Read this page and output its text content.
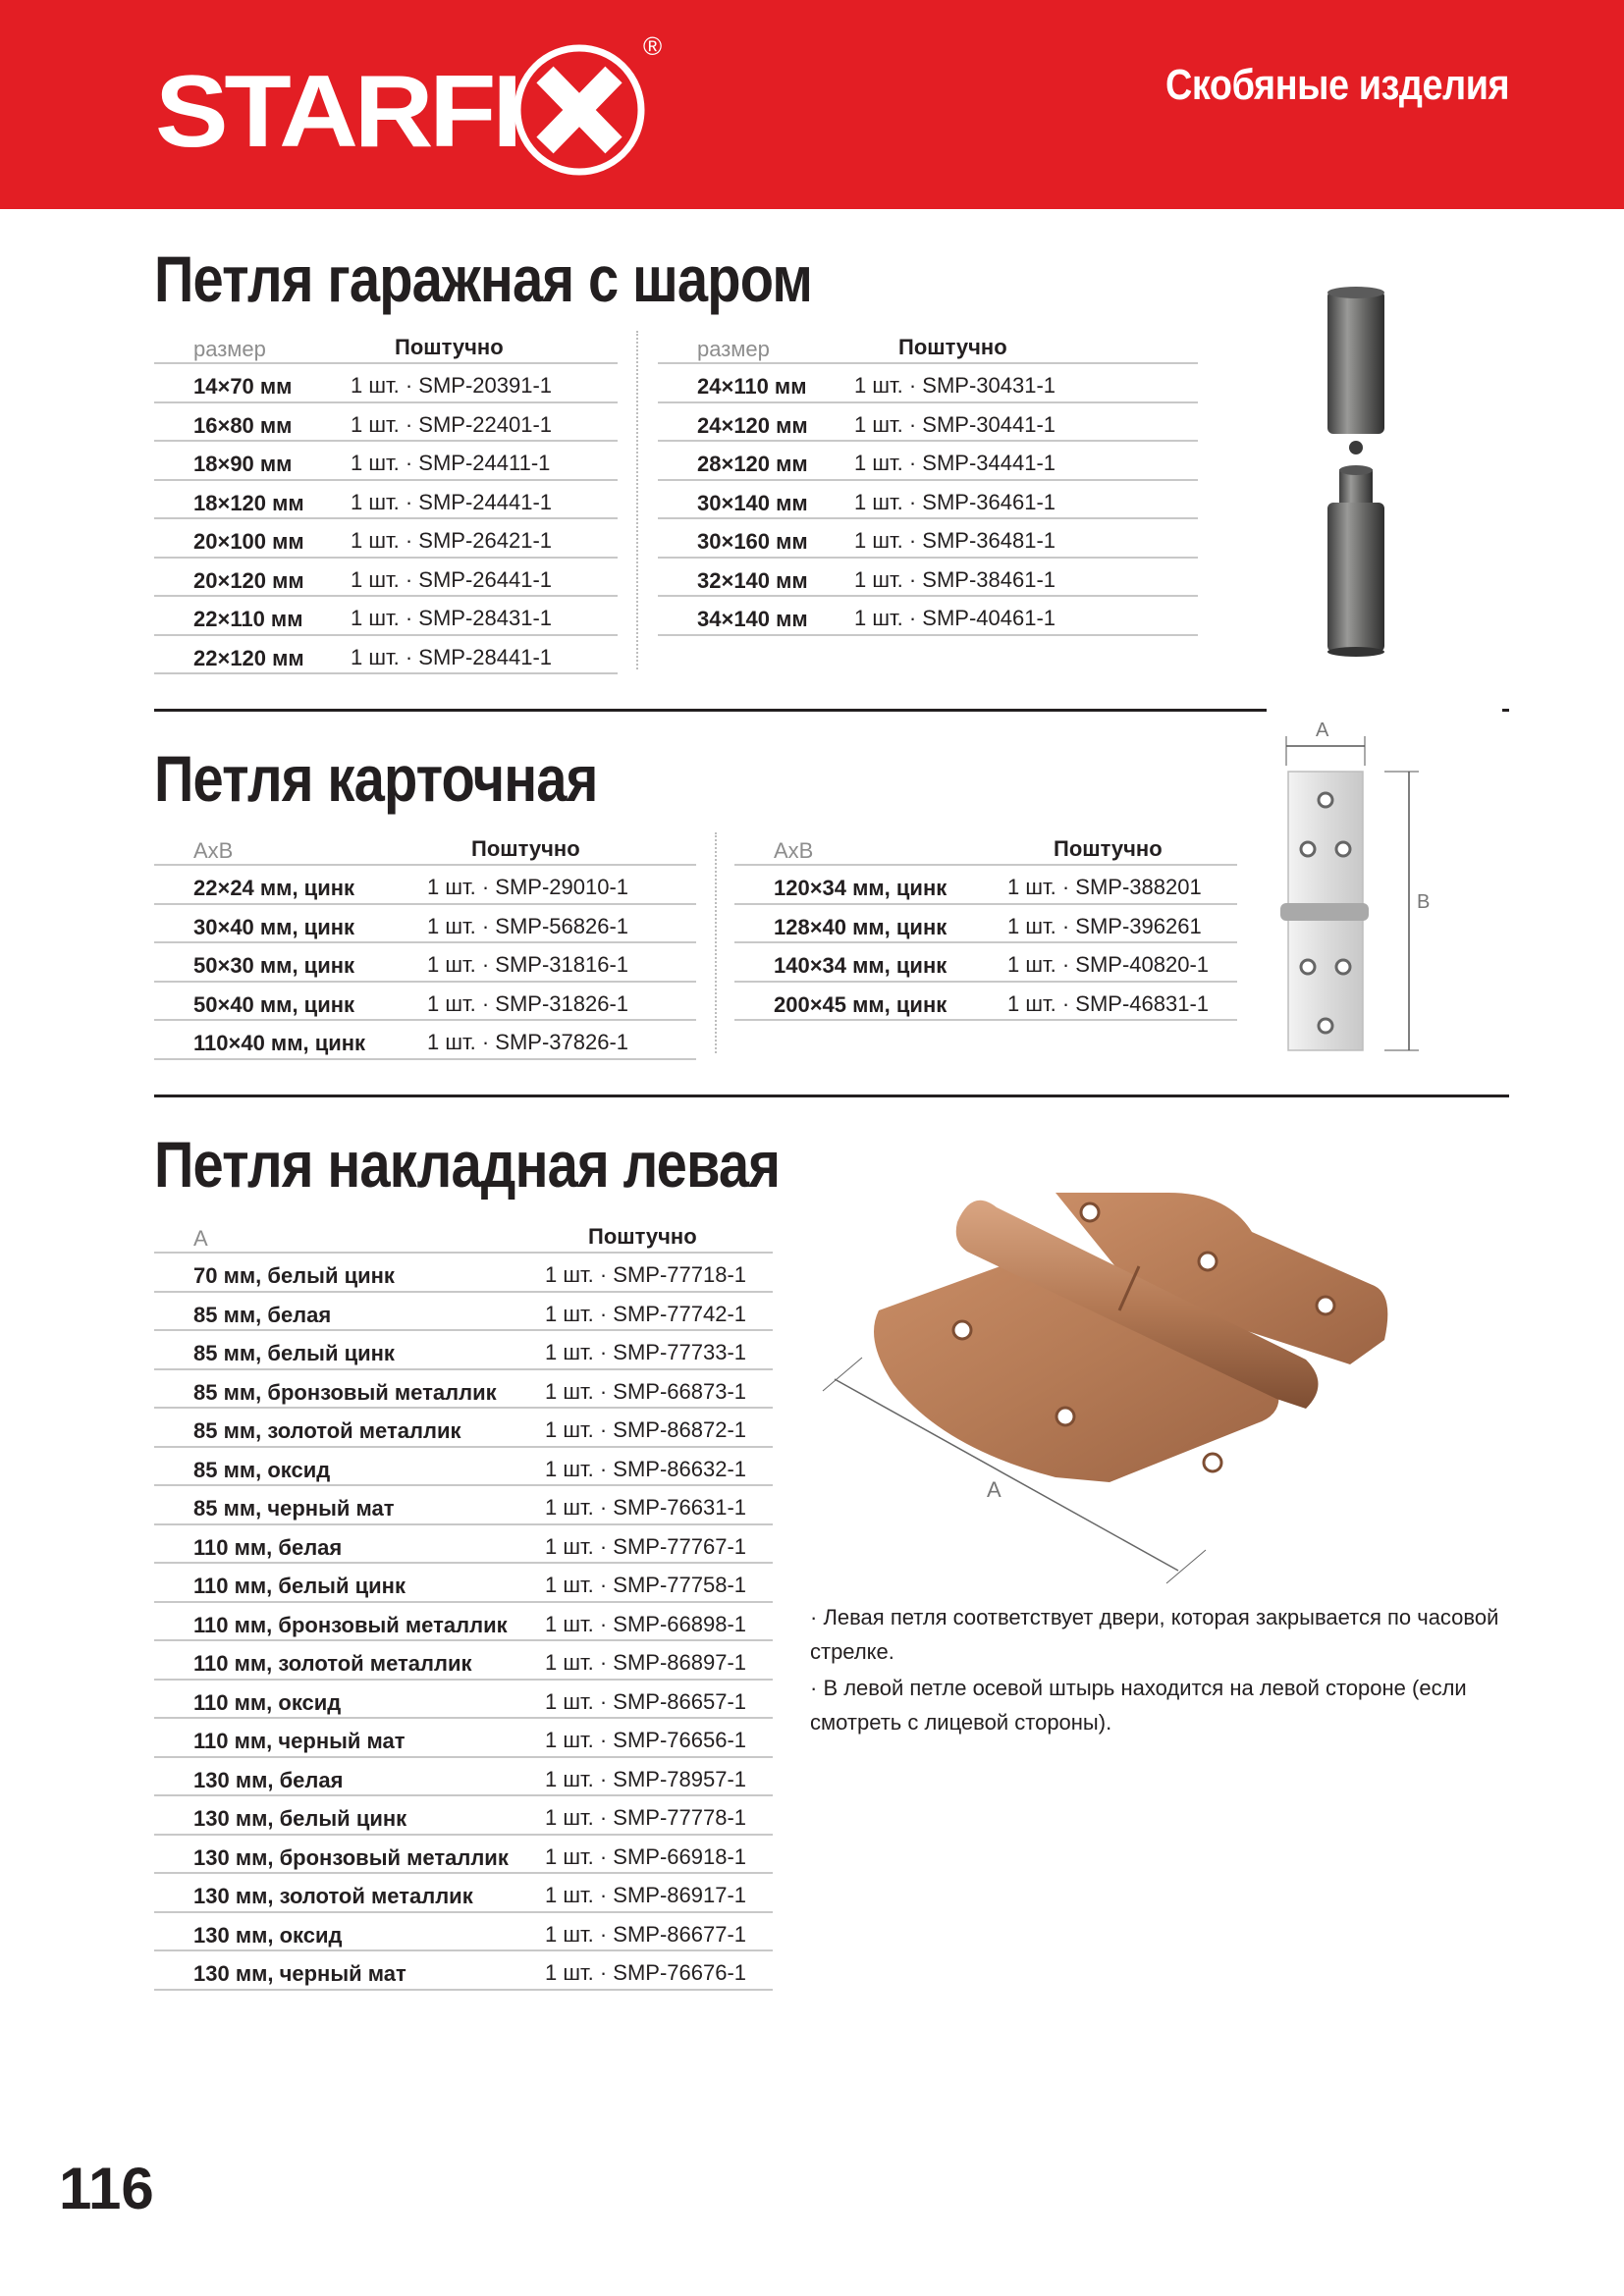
STARFI
®
Скобяные изделия
Петля гаражная с шаром
размер	Поштучно
14×70 мм	1 шт. · SMP-20391-1
16×80 мм	1 шт. · SMP-22401-1
18×90 мм	1 шт. · SMP-24411-1
18×120 мм 1 шт. · SMP-24441-1
20×100 мм 1 шт. · SMP-26421-1
20×120 мм 1 шт. · SMP-26441-1
22×110 мм 1 шт. · SMP-28431-1
22×120 мм 1 шт. · SMP-28441-1
размер	Поштучно
24×110 мм 1 шт. · SMP-30431-1
24×120 мм 1 шт. · SMP-30441-1
28×120 мм 1 шт. · SMP-34441-1
30×140 мм 1 шт. · SMP-36461-1
30×160 мм 1 шт. · SMP-36481-1
32×140 мм 1 шт. · SMP-38461-1
34×140 мм 1 шт. · SMP-40461-1
Петля карточная
AxB	Поштучно
22×24 мм, цинк	1 шт. · SMP-29010-1
30×40 мм, цинк	1 шт. · SMP-56826-1
50×30 мм, цинк	1 шт. · SMP-31816-1
50×40 мм, цинк	1 шт. · SMP-31826-1
110×40 мм, цинк	1 шт. · SMP-37826-1
AxB	Поштучно
120×34 мм, цинк	1 шт. · SMP-388201
128×40 мм, цинк	1 шт. · SMP-396261
140×34 мм, цинк	1 шт. · SMP-40820-1
200×45 мм, цинк	1 шт. · SMP-46831-1
A
B
Петля накладная левая
A	Поштучно
70 мм, белый цинк	1 шт. · SMP-77718-1
85 мм, белая	1 шт. · SMP-77742-1
85 мм, белый цинк	1 шт. · SMP-77733-1
85 мм, бронзовый металлик 1 шт. · SMP-66873-1
85 мм, золотой металлик	1 шт. · SMP-86872-1
85 мм, оксид	1 шт. · SMP-86632-1
85 мм, черный мат	1 шт. · SMP-76631-1
110 мм, белая	1 шт. · SMP-77767-1
110 мм, белый цинк	1 шт. · SMP-77758-1
110 мм, бронзовый металлик 1 шт. · SMP-66898-1
110 мм, золотой металлик	1 шт. · SMP-86897-1
110 мм, оксид	1 шт. · SMP-86657-1
110 мм, черный мат	1 шт. · SMP-76656-1
130 мм, белая	1 шт. · SMP-78957-1
130 мм, белый цинк	1 шт. · SMP-77778-1
130 мм, бронзовый металлик 1 шт. · SMP-66918-1
130 мм, золотой металлик	1 шт. · SMP-86917-1
130 мм, оксид	1 шт. · SMP-86677-1
130 мм, черный мат	1 шт. · SMP-76676-1
A
· Левая петля соответствует двери, которая закрывается по часовой стрелке.
· В левой петле осевой штырь находится на левой стороне (если смотреть с лицевой стороны).
116
